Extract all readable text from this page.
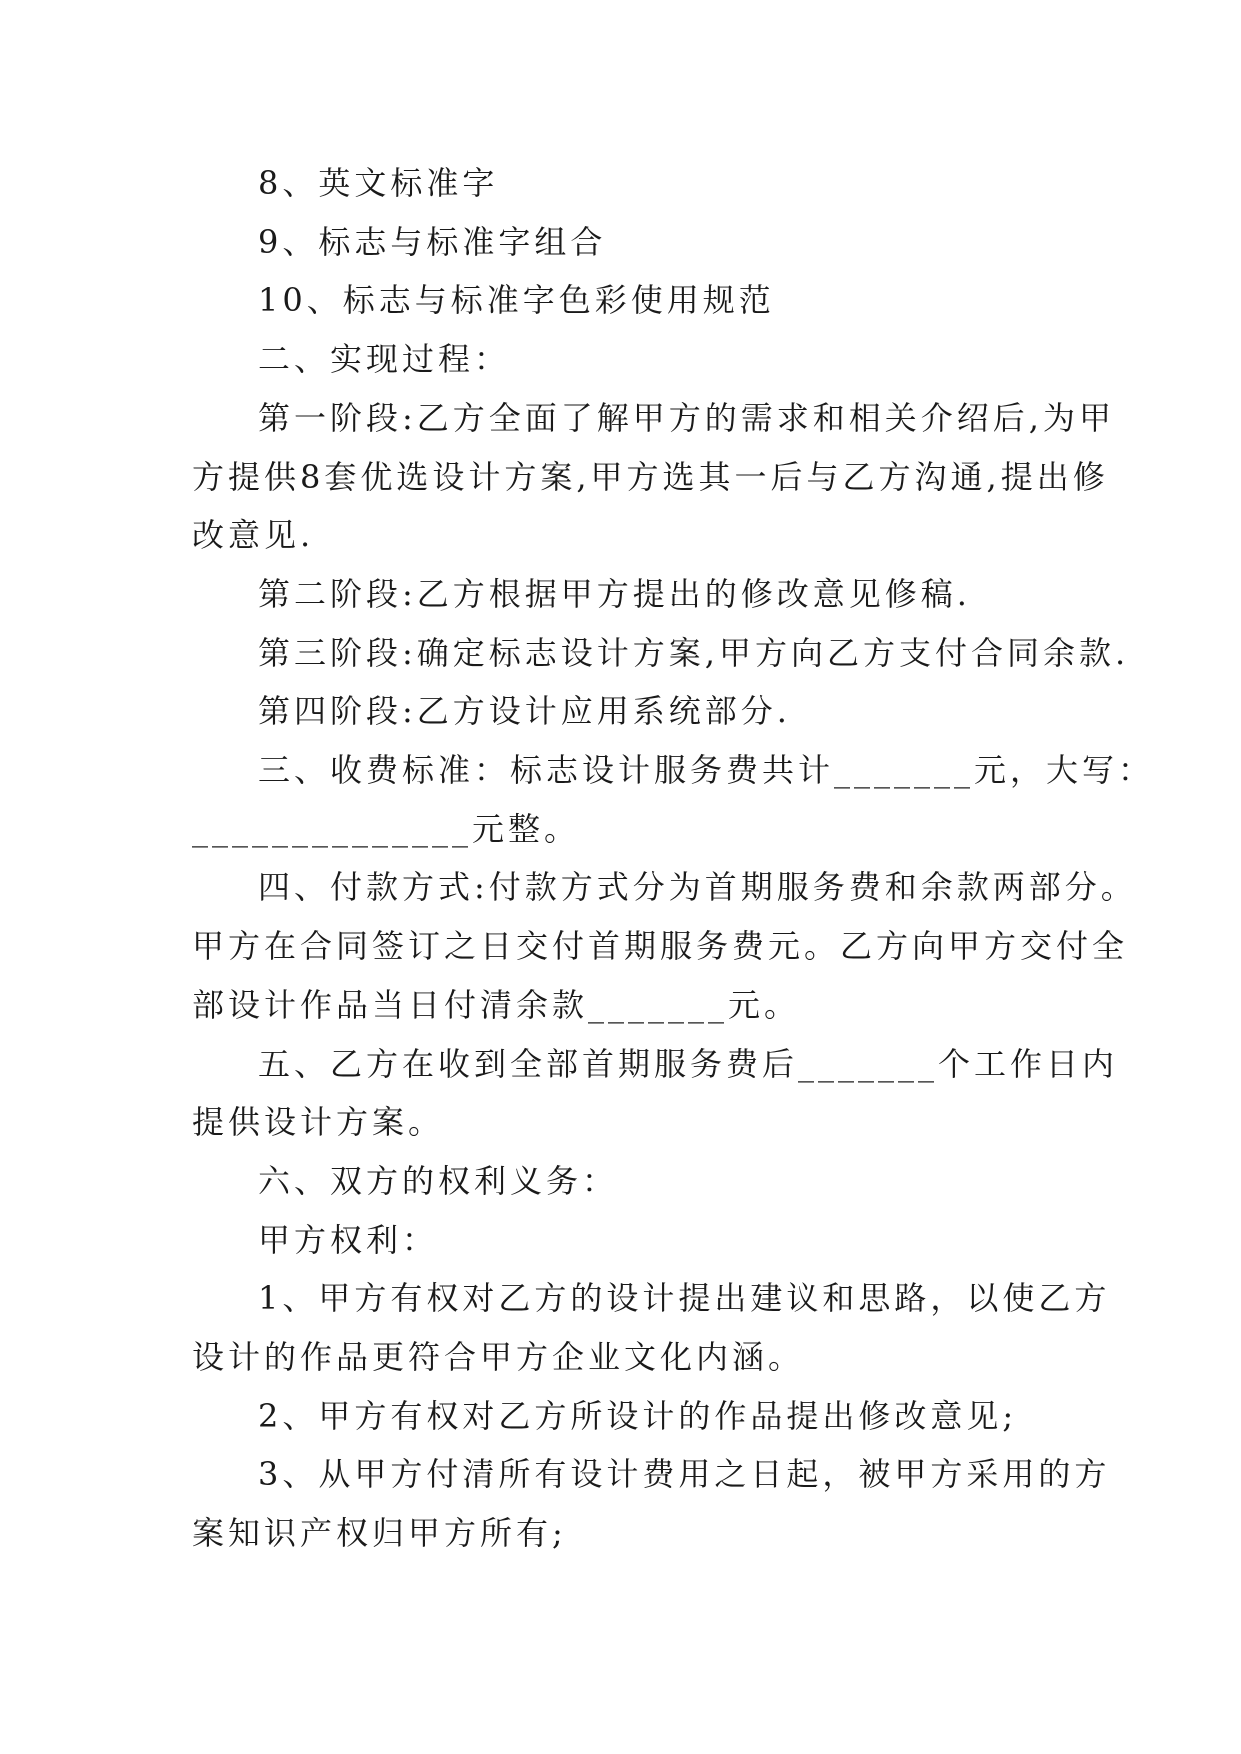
8、英文标准字

9、标志与标准字组合

10、标志与标准字色彩使用规范

二、实现过程：

第一阶段:乙方全面了解甲方的需求和相关介绍后,为甲
方提供8套优选设计方案,甲方选其一后与乙方沟通,提出修
改意见.

第二阶段:乙方根据甲方提出的修改意见修稿.

第三阶段:确定标志设计方案,甲方向乙方支付合同余款.

第四阶段:乙方设计应用系统部分.

三、收费标准：标志设计服务费共计_______元，大写：
______________元整。

四、付款方式:付款方式分为首期服务费和余款两部分。
甲方在合同签订之日交付首期服务费元。乙方向甲方交付全
部设计作品当日付清余款_______元。

五、乙方在收到全部首期服务费后_______个工作日内
提供设计方案。

六、双方的权利义务：

甲方权利：

1、甲方有权对乙方的设计提出建议和思路，以使乙方
设计的作品更符合甲方企业文化内涵。

2、甲方有权对乙方所设计的作品提出修改意见;

3、从甲方付清所有设计费用之日起，被甲方采用的方
案知识产权归甲方所有;
